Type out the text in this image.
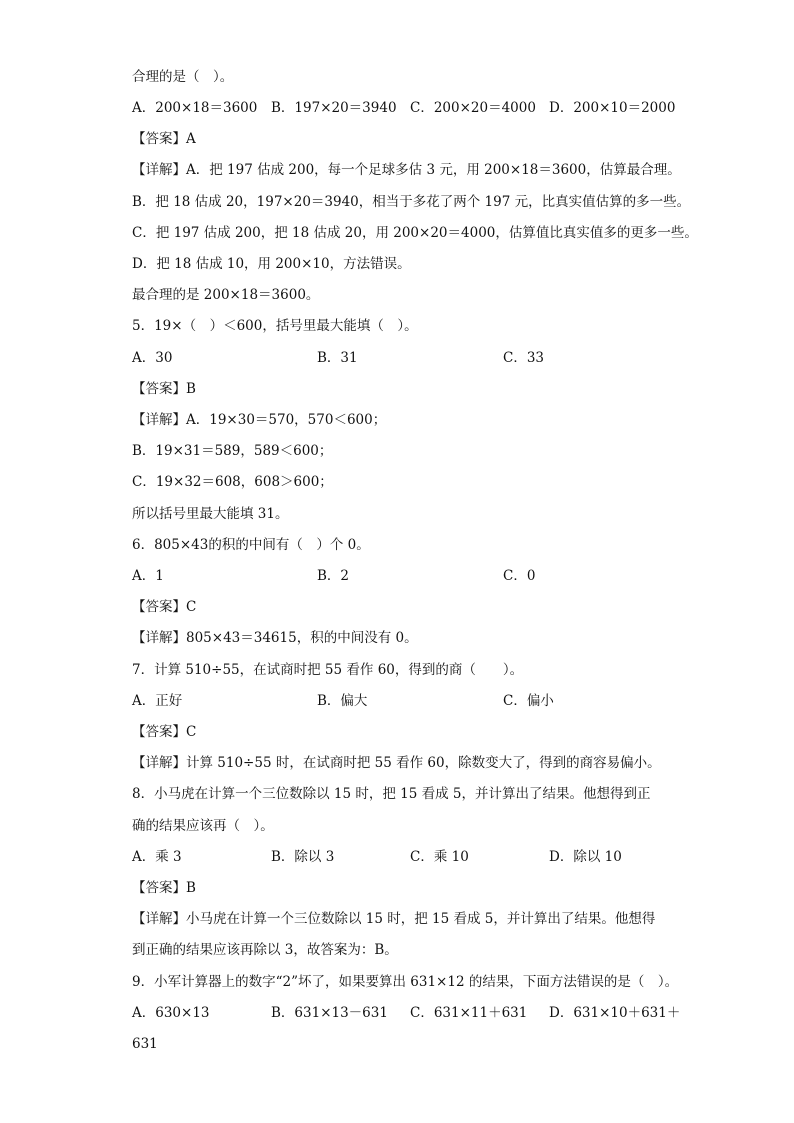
合理的是（　）。
A．200×18＝3600 B．197×20＝3940 C．200×20＝4000 D．200×10＝2000
【答案】A
【详解】A．把 197 估成 200，每一个足球多估 3 元，用 200×18＝3600，估算最合理。
B．把 18 估成 20，197×20＝3940，相当于多花了两个 197 元，比真实值估算的多一些。
C．把 197 估成 200，把 18 估成 20，用 200×20＝4000，估算值比真实值多的更多一些。
D．把 18 估成 10，用 200×10，方法错误。
最合理的是 200×18＝3600。
5．19×（　）＜600，括号里最大能填（　）。
A．30	B．31	C．33
【答案】B
【详解】A．19×30＝570，570＜600；
B．19×31＝589，589＜600；
C．19×32＝608，608＞600；
所以括号里最大能填 31。
6．805×43的积的中间有（　）个 0。
A．1	B．2	C．0
【答案】C
【详解】805×43＝34615，积的中间没有 0。
7．计算 510÷55，在试商时把 55 看作 60，得到的商（　　）。
A．正好	B．偏大	C．偏小
【答案】C
【详解】计算 510÷55 时，在试商时把 55 看作 60，除数变大了，得到的商容易偏小。
8．小马虎在计算一个三位数除以 15 时，把 15 看成 5，并计算出了结果。他想得到正
确的结果应该再（　）。
A．乘 3	B．除以 3	C．乘 10	D．除以 10
【答案】B
【详解】小马虎在计算一个三位数除以 15 时，把 15 看成 5，并计算出了结果。他想得
到正确的结果应该再除以 3，故答案为：B。
9．小军计算器上的数字“2”坏了，如果要算出 631×12 的结果，下面方法错误的是（　）。
A．630×13	B．631×13－631 C．631×11＋631 D．631×10＋631＋
631
